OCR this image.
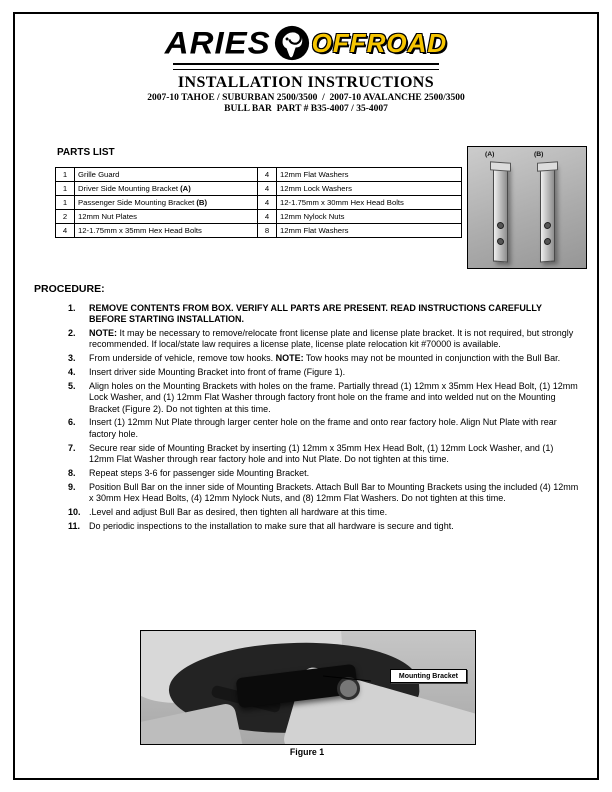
ARIES OFFROAD
INSTALLATION INSTRUCTIONS
2007-10 TAHOE / SUBURBAN 2500/3500  /  2007-10 AVALANCHE 2500/3500
BULL BAR  PART # B35-4007 / 35-4007
PARTS LIST
1	Grille Guard	4	12mm Flat Washers
1	Driver Side Mounting Bracket (A)	4	12mm Lock Washers
1	Passenger Side Mounting Bracket (B)	4	12-1.75mm x 30mm Hex Head Bolts
2	12mm Nut Plates	4	12mm Nylock Nuts
4	12-1.75mm x 35mm Hex Head Bolts	8	12mm Flat Washers
(A)	(B)
PROCEDURE:
1.	REMOVE CONTENTS FROM BOX. VERIFY ALL PARTS ARE PRESENT. READ INSTRUCTIONS CAREFULLY BEFORE STARTING INSTALLATION.
2.	NOTE: It may be necessary to remove/relocate front license plate and license plate bracket. It is not required, but strongly recommended. If local/state law requires a license plate, license plate relocation kit #70000 is available.
3.	From underside of vehicle, remove tow hooks. NOTE: Tow hooks may not be mounted in conjunction with the Bull Bar.
4.	Insert driver side Mounting Bracket into front of frame (Figure 1).
5.	Align holes on the Mounting Brackets with holes on the frame. Partially thread (1) 12mm x 35mm Hex Head Bolt, (1) 12mm Lock Washer, and (1) 12mm Flat Washer through factory front hole on the frame and into welded nut on the Mounting Bracket (Figure 2). Do not tighten at this time.
6.	Insert (1) 12mm Nut Plate through larger center hole on the frame and onto rear factory hole. Align Nut Plate with rear factory hole.
7.	Secure rear side of Mounting Bracket by inserting (1) 12mm x 35mm Hex Head Bolt, (1) 12mm Lock Washer, and (1) 12mm Flat Washer through rear factory hole and into Nut Plate. Do not tighten at this time.
8.	Repeat steps 3-6 for passenger side Mounting Bracket.
9.	Position Bull Bar on the inner side of Mounting Brackets. Attach Bull Bar to Mounting Brackets using the included (4) 12mm x 30mm Hex Head Bolts, (4) 12mm Nylock Nuts, and (8) 12mm Flat Washers. Do not tighten at this time.
10. .Level and adjust Bull Bar as desired, then tighten all hardware at this time.
11. Do periodic inspections to the installation to make sure that all hardware is secure and tight.
Mounting Bracket
Figure 1
